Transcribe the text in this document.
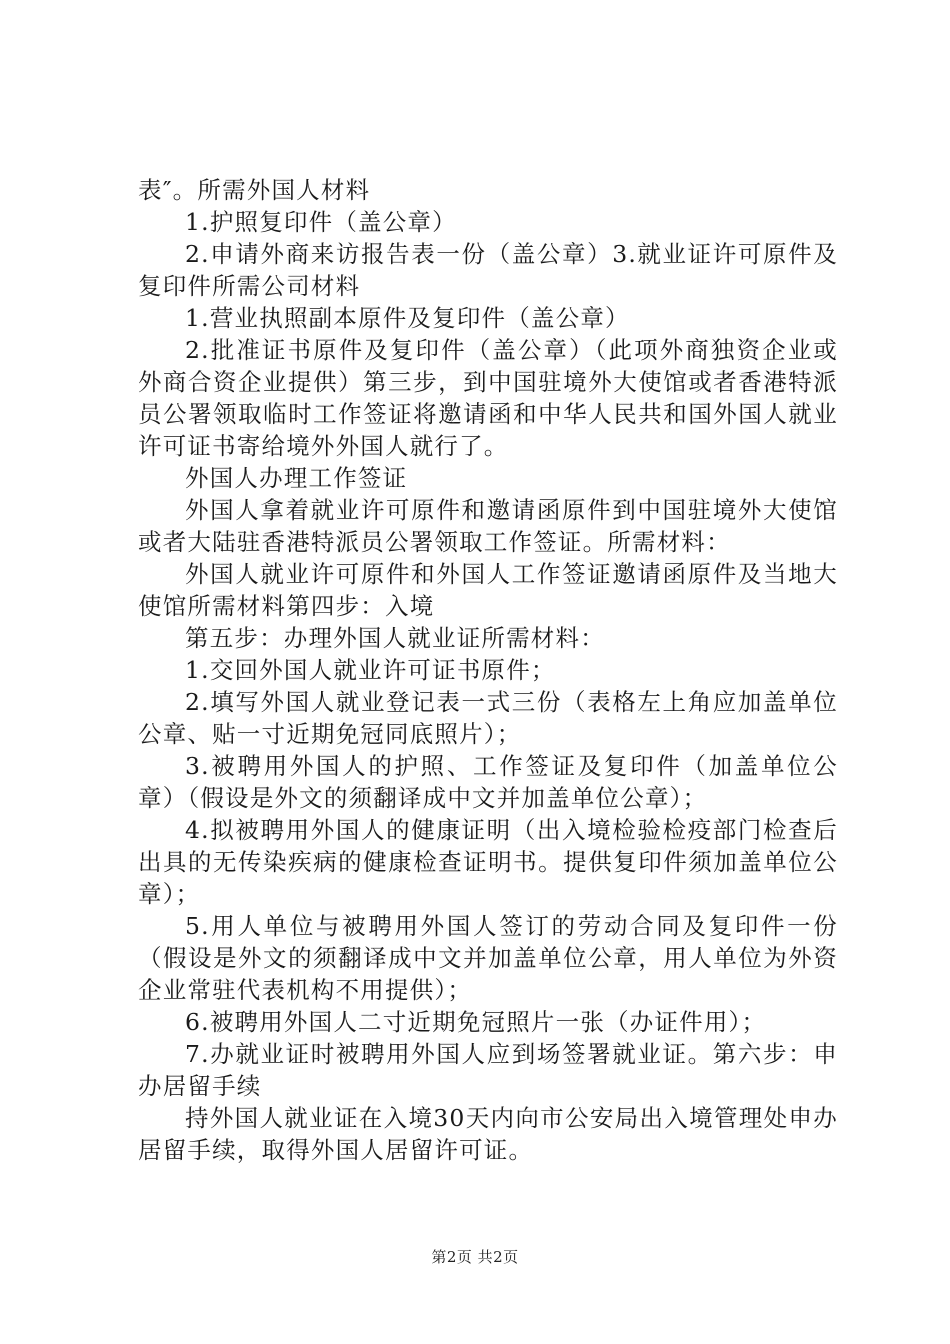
表″。所需外国人材料

1.护照复印件（盖公章）

2.申请外商来访报告表一份（盖公章）3.就业证许可原件及复印件所需公司材料

1.营业执照副本原件及复印件（盖公章）

2.批准证书原件及复印件（盖公章）（此项外商独资企业或外商合资企业提供）第三步，到中国驻境外大使馆或者香港特派员公署领取临时工作签证将邀请函和中华人民共和国外国人就业许可证书寄给境外外国人就行了。

外国人办理工作签证

外国人拿着就业许可原件和邀请函原件到中国驻境外大使馆或者大陆驻香港特派员公署领取工作签证。所需材料：

外国人就业许可原件和外国人工作签证邀请函原件及当地大使馆所需材料第四步：入境

第五步：办理外国人就业证所需材料：

1.交回外国人就业许可证书原件；

2.填写外国人就业登记表一式三份（表格左上角应加盖单位公章、贴一寸近期免冠同底照片）；

3.被聘用外国人的护照、工作签证及复印件（加盖单位公章）（假设是外文的须翻译成中文并加盖单位公章）；

4.拟被聘用外国人的健康证明（出入境检验检疫部门检查后出具的无传染疾病的健康检查证明书。提供复印件须加盖单位公章）；

5.用人单位与被聘用外国人签订的劳动合同及复印件一份（假设是外文的须翻译成中文并加盖单位公章，用人单位为外资企业常驻代表机构不用提供）；

6.被聘用外国人二寸近期免冠照片一张（办证件用）；

7.办就业证时被聘用外国人应到场签署就业证。第六步：申办居留手续

持外国人就业证在入境30天内向市公安局出入境管理处申办居留手续，取得外国人居留许可证。

第2页 共2页
